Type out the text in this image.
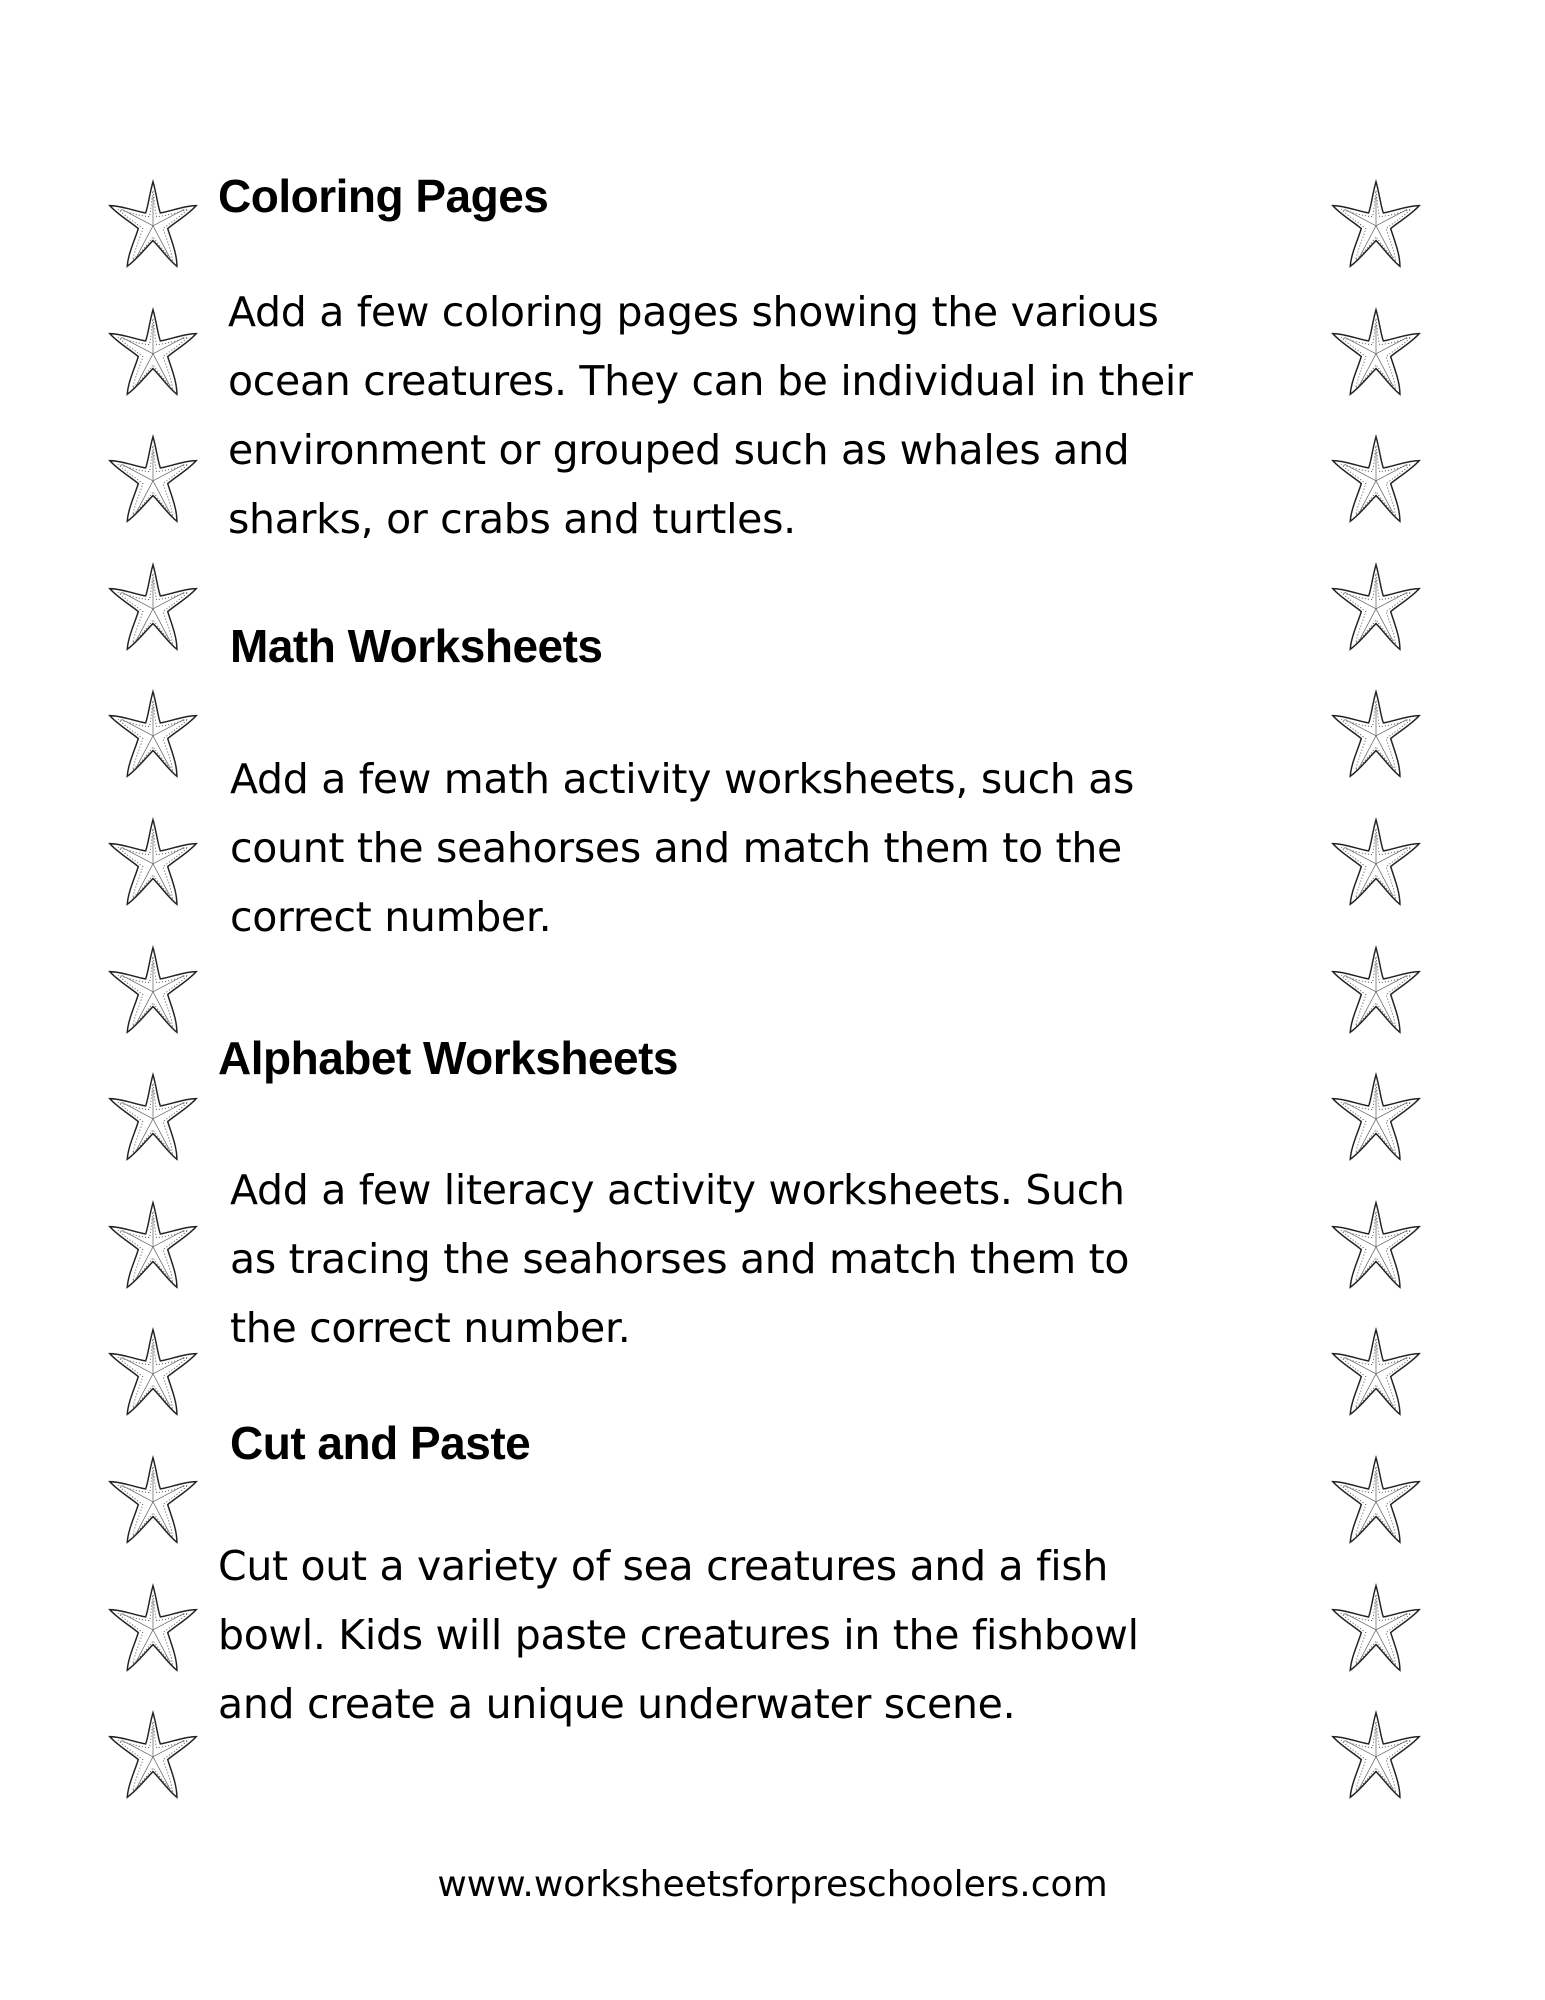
Coloring Pages
Add a few coloring pages showing the various
ocean creatures. They can be individual in their
environment or grouped such as whales and
sharks, or crabs and turtles.
Math Worksheets
Add a few math activity worksheets, such as
count the seahorses and match them to the
correct number.
Alphabet Worksheets
Add a few literacy activity worksheets. Such
as tracing the seahorses and match them to
the correct number.
Cut and Paste
Cut out a variety of sea creatures and a fish
bowl. Kids will paste creatures in the fishbowl
and create a unique underwater scene.
www.worksheetsforpreschoolers.com
